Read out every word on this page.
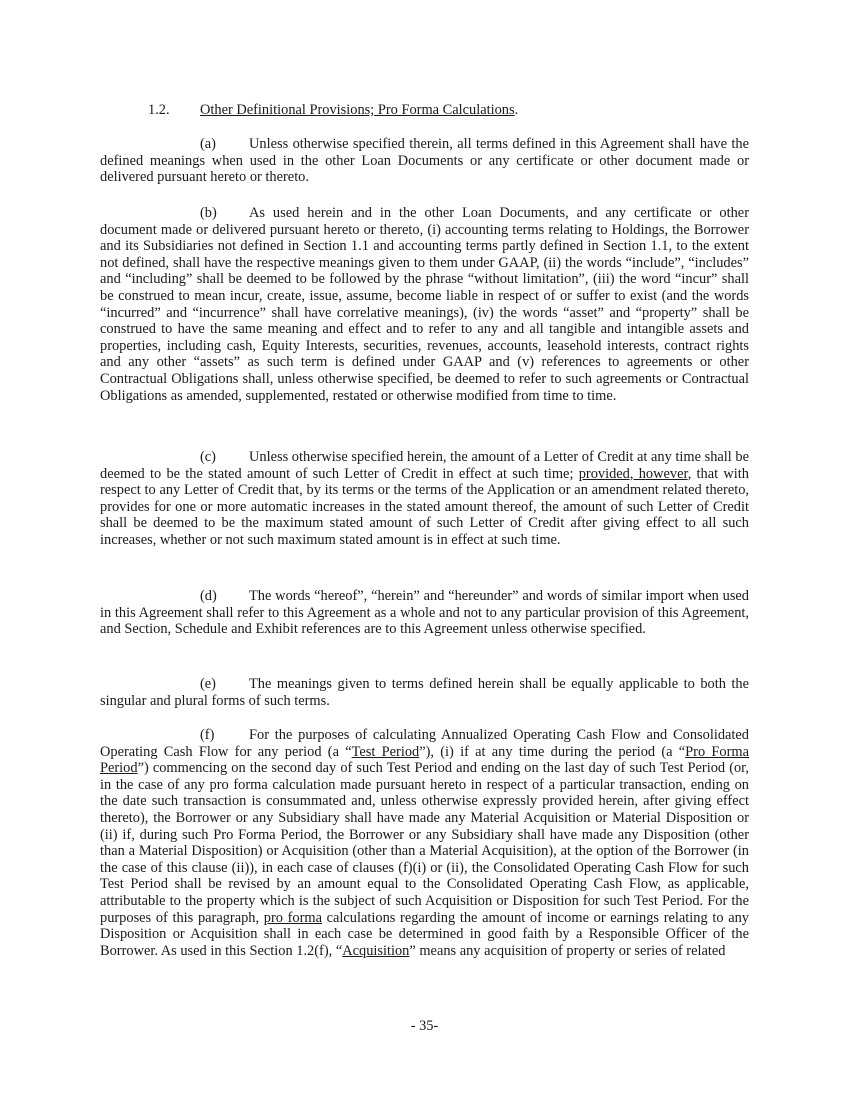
1.2. Other Definitional Provisions; Pro Forma Calculations.
(a) Unless otherwise specified therein, all terms defined in this Agreement shall have the defined meanings when used in the other Loan Documents or any certificate or other document made or delivered pursuant hereto or thereto.
(b) As used herein and in the other Loan Documents, and any certificate or other document made or delivered pursuant hereto or thereto, (i) accounting terms relating to Holdings, the Borrower and its Subsidiaries not defined in Section 1.1 and accounting terms partly defined in Section 1.1, to the extent not defined, shall have the respective meanings given to them under GAAP, (ii) the words “include”, “includes” and “including” shall be deemed to be followed by the phrase “without limitation”, (iii) the word “incur” shall be construed to mean incur, create, issue, assume, become liable in respect of or suffer to exist (and the words “incurred” and “incurrence” shall have correlative meanings), (iv) the words “asset” and “property” shall be construed to have the same meaning and effect and to refer to any and all tangible and intangible assets and properties, including cash, Equity Interests, securities, revenues, accounts, leasehold interests, contract rights and any other “assets” as such term is defined under GAAP and (v) references to agreements or other Contractual Obligations shall, unless otherwise specified, be deemed to refer to such agreements or Contractual Obligations as amended, supplemented, restated or otherwise modified from time to time.
(c) Unless otherwise specified herein, the amount of a Letter of Credit at any time shall be deemed to be the stated amount of such Letter of Credit in effect at such time; provided, however, that with respect to any Letter of Credit that, by its terms or the terms of the Application or an amendment related thereto, provides for one or more automatic increases in the stated amount thereof, the amount of such Letter of Credit shall be deemed to be the maximum stated amount of such Letter of Credit after giving effect to all such increases, whether or not such maximum stated amount is in effect at such time.
(d) The words “hereof”, “herein” and “hereunder” and words of similar import when used in this Agreement shall refer to this Agreement as a whole and not to any particular provision of this Agreement, and Section, Schedule and Exhibit references are to this Agreement unless otherwise specified.
(e) The meanings given to terms defined herein shall be equally applicable to both the singular and plural forms of such terms.
(f) For the purposes of calculating Annualized Operating Cash Flow and Consolidated Operating Cash Flow for any period (a “Test Period”), (i) if at any time during the period (a “Pro Forma Period”) commencing on the second day of such Test Period and ending on the last day of such Test Period (or, in the case of any pro forma calculation made pursuant hereto in respect of a particular transaction, ending on the date such transaction is consummated and, unless otherwise expressly provided herein, after giving effect thereto), the Borrower or any Subsidiary shall have made any Material Acquisition or Material Disposition or (ii) if, during such Pro Forma Period, the Borrower or any Subsidiary shall have made any Disposition (other than a Material Disposition) or Acquisition (other than a Material Acquisition), at the option of the Borrower (in the case of this clause (ii)), in each case of clauses (f)(i) or (ii), the Consolidated Operating Cash Flow for such Test Period shall be revised by an amount equal to the Consolidated Operating Cash Flow, as applicable, attributable to the property which is the subject of such Acquisition or Disposition for such Test Period. For the purposes of this paragraph, pro forma calculations regarding the amount of income or earnings relating to any Disposition or Acquisition shall in each case be determined in good faith by a Responsible Officer of the Borrower. As used in this Section 1.2(f), “Acquisition” means any acquisition of property or series of related
- 35-
